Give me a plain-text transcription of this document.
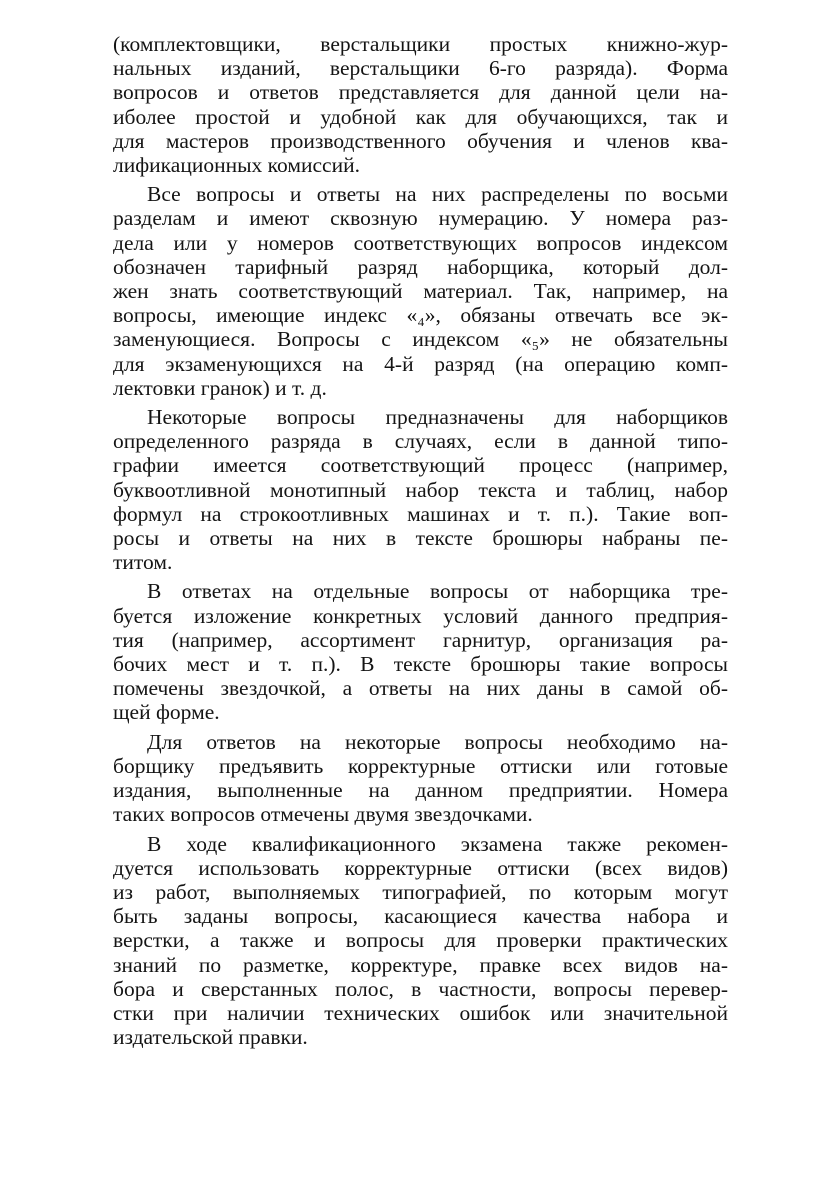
(комплектовщики, верстальщики простых книжно-жур-
нальных изданий, верстальщики 6-го разряда). Форма
вопросов и ответов представляется для данной цели на-
иболее простой и удобной как для обучающихся, так и
для мастеров производственного обучения и членов ква-
лификационных комиссий.
Все вопросы и ответы на них распределены по восьми
разделам и имеют сквозную нумерацию. У номера раз-
дела или у номеров соответствующих вопросов индексом
обозначен тарифный разряд наборщика, который дол-
жен знать соответствующий материал. Так, например, на
вопросы, имеющие индекс «₄», обязаны отвечать все эк-
заменующиеся. Вопросы с индексом «₅» не обязательны
для экзаменующихся на 4-й разряд (на операцию комп-
лектовки гранок) и т. д.
Некоторые вопросы предназначены для наборщиков
определенного разряда в случаях, если в данной типо-
графии имеется соответствующий процесс (например,
буквоотливной монотипный набор текста и таблиц, набор
формул на строкоотливных машинах и т. п.). Такие воп-
росы и ответы на них в тексте брошюры набраны пе-
титом.
В ответах на отдельные вопросы от наборщика тре-
буется изложение конкретных условий данного предприя-
тия (например, ассортимент гарнитур, организация ра-
бочих мест и т. п.). В тексте брошюры такие вопросы
помечены звездочкой, а ответы на них даны в самой об-
щей форме.
Для ответов на некоторые вопросы необходимо на-
борщику предъявить корректурные оттиски или готовые
издания, выполненные на данном предприятии. Номера
таких вопросов отмечены двумя звездочками.
В ходе квалификационного экзамена также рекомен-
дуется использовать корректурные оттиски (всех видов)
из работ, выполняемых типографией, по которым могут
быть заданы вопросы, касающиеся качества набора и
верстки, а также и вопросы для проверки практических
знаний по разметке, корректуре, правке всех видов на-
бора и сверстанных полос, в частности, вопросы перевер-
стки при наличии технических ошибок или значительной
издательской правки.
